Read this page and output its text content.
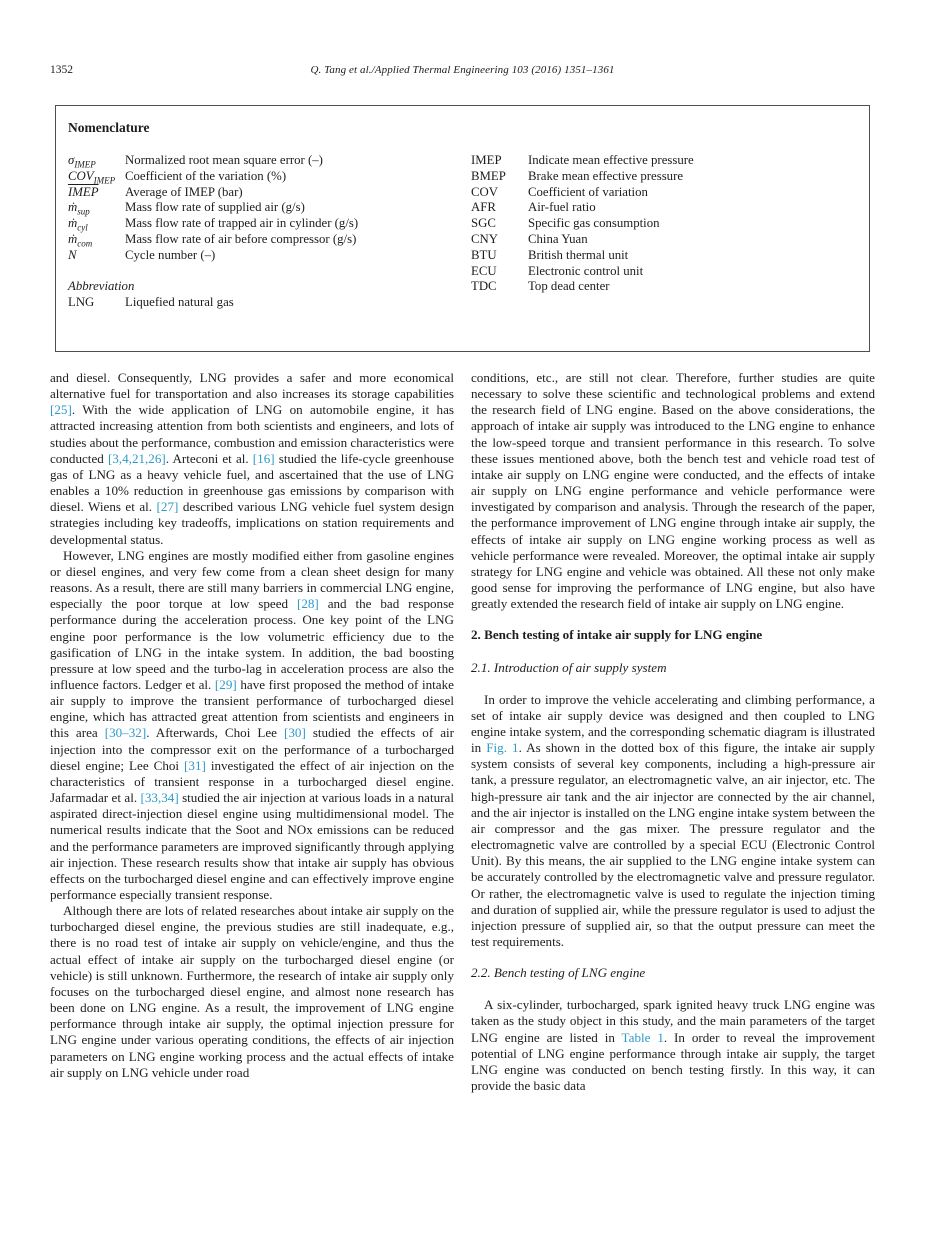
1352	Q. Tang et al./Applied Thermal Engineering 103 (2016) 1351–1361
Nomenclature
$\sigma_{IMEP}$	Normalized root mean square error (–)
$COV_{IMEP}$ Coefficient of the variation (%)
IMEP	Average of IMEP (bar)
ṁ$_{sup}$	Mass flow rate of supplied air (g/s)
ṁ$_{cyl}$	Mass flow rate of trapped air in cylinder (g/s)
ṁ$_{com}$	Mass flow rate of air before compressor (g/s)
N	Cycle number (–)
Abbreviation
LNG	Liquefied natural gas
IMEP	Indicate mean effective pressure
BMEP	Brake mean effective pressure
COV	Coefficient of variation
AFR	Air-fuel ratio
SGC	Specific gas consumption
CNY	China Yuan
BTU	British thermal unit
ECU	Electronic control unit
TDC	Top dead center

and diesel. Consequently, LNG provides a safer and more economical alternative fuel for transportation and also increases its storage capabilities [25]. With the wide application of LNG on automobile engine, it has attracted increasing attention from both scientists and engineers, and lots of studies about the performance, combustion and emission characteristics were conducted [3,4,21,26]. Arteconi et al. [16] studied the life-cycle greenhouse gas of LNG as a heavy vehicle fuel, and ascertained that the use of LNG enables a 10% reduction in greenhouse gas emissions by comparison with diesel. Wiens et al. [27] described various LNG vehicle fuel system design strategies including key tradeoffs, implications on station requirements and developmental status.

However, LNG engines are mostly modified either from gasoline engines or diesel engines, and very few come from a clean sheet design for many reasons. As a result, there are still many barriers in commercial LNG engine, especially the poor torque at low speed [28] and the bad response performance during the acceleration process. One key point of the LNG engine poor performance is the low volumetric efficiency due to the gasification of LNG in the intake system. In addition, the bad boosting pressure at low speed and the turbo-lag in acceleration process are also the influence factors. Ledger et al. [29] have first proposed the method of intake air supply to improve the transient performance of turbocharged diesel engine, which has attracted great attention from scientists and engineers in this area [30–32]. Afterwards, Choi Lee [30] studied the effects of air injection into the compressor exit on the performance of a turbocharged diesel engine; Lee Choi [31] investigated the effect of air injection on the characteristics of transient response in a turbocharged diesel engine. Jafarmadar et al. [33,34] studied the air injection at various loads in a natural aspirated direct-injection diesel engine using multidimensional model. The numerical results indicate that the Soot and NOx emissions can be reduced and the performance parameters are improved significantly through applying air injection. These research results show that intake air supply has obvious effects on the turbocharged diesel engine and can effectively improve engine performance especially transient response.

Although there are lots of related researches about intake air supply on the turbocharged diesel engine, the previous studies are still inadequate, e.g., there is no road test of intake air supply on vehicle/engine, and thus the actual effect of intake air supply on the turbocharged diesel engine (or vehicle) is still unknown. Furthermore, the research of intake air supply only focuses on the turbocharged diesel engine, and almost none research has been done on LNG engine. As a result, the improvement of LNG engine performance through intake air supply, the optimal injection pressure for LNG engine under various operating conditions, the effects of air injection parameters on LNG engine working process and the actual effects of intake air supply on LNG vehicle under road

conditions, etc., are still not clear. Therefore, further studies are quite necessary to solve these scientific and technological problems and extend the research field of LNG engine. Based on the above considerations, the approach of intake air supply was introduced to the LNG engine to enhance the low-speed torque and transient performance in this research. To solve these issues mentioned above, both the bench test and vehicle road test of intake air supply on LNG engine were conducted, and the effects of intake air supply on LNG engine performance and vehicle performance were investigated by comparison and analysis. Through the research of the paper, the performance improvement of LNG engine through intake air supply, the effects of intake air supply on LNG engine working process as well as vehicle performance were revealed. Moreover, the optimal intake air supply strategy for LNG engine and vehicle was obtained. All these not only make good sense for improving the performance of LNG engine, but also have greatly extended the research field of intake air supply on LNG engine.

2. Bench testing of intake air supply for LNG engine
2.1. Introduction of air supply system

In order to improve the vehicle accelerating and climbing performance, a set of intake air supply device was designed and then coupled to LNG engine intake system, and the corresponding schematic diagram is illustrated in Fig. 1. As shown in the dotted box of this figure, the intake air supply system consists of several key components, including a high-pressure air tank, a pressure regulator, an electromagnetic valve, an air injector, etc. The high-pressure air tank and the air injector are connected by the air channel, and the air injector is installed on the LNG engine intake system between the air compressor and the gas mixer. The pressure regulator and the electromagnetic valve are controlled by a special ECU (Electronic Control Unit). By this means, the air supplied to the LNG engine intake system can be accurately controlled by the electromagnetic valve and pressure regulator. Or rather, the electromagnetic valve is used to regulate the injection timing and duration of supplied air, while the pressure regulator is used to adjust the injection pressure of supplied air, so that the output pressure can meet the test requirements.

2.2. Bench testing of LNG engine

A six-cylinder, turbocharged, spark ignited heavy truck LNG engine was taken as the study object in this study, and the main parameters of the target LNG engine are listed in Table 1. In order to reveal the improvement potential of LNG engine performance through intake air supply, the target LNG engine was conducted on bench testing firstly. In this way, it can provide the basic data
